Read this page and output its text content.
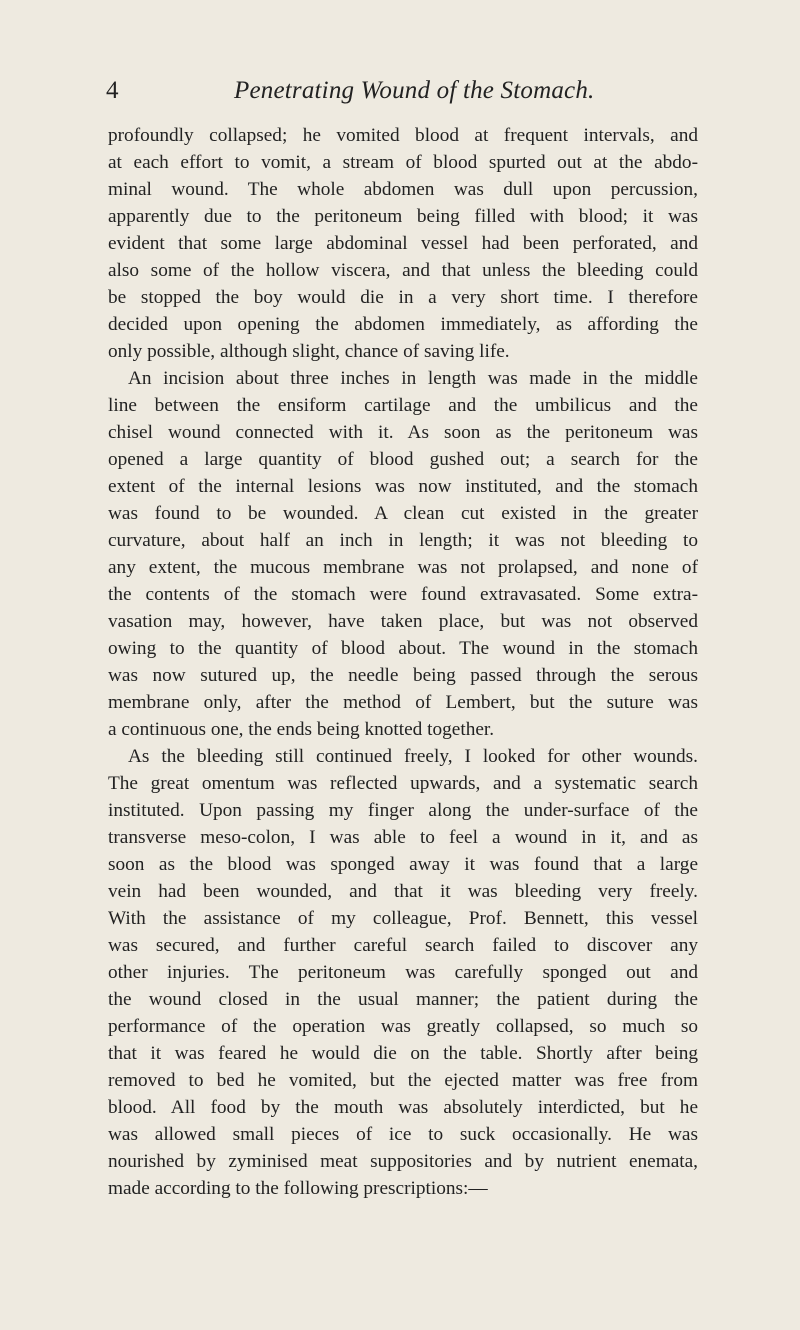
4	Penetrating Wound of the Stomach.
profoundly collapsed; he vomited blood at frequent intervals, and
at each effort to vomit, a stream of blood spurted out at the abdo-
minal wound. The whole abdomen was dull upon percussion,
apparently due to the peritoneum being filled with blood; it was
evident that some large abdominal vessel had been perforated, and
also some of the hollow viscera, and that unless the bleeding could
be stopped the boy would die in a very short time. I therefore
decided upon opening the abdomen immediately, as affording the
only possible, although slight, chance of saving life.
An incision about three inches in length was made in the middle
line between the ensiform cartilage and the umbilicus and the
chisel wound connected with it. As soon as the peritoneum was
opened a large quantity of blood gushed out; a search for the
extent of the internal lesions was now instituted, and the stomach
was found to be wounded. A clean cut existed in the greater
curvature, about half an inch in length; it was not bleeding to
any extent, the mucous membrane was not prolapsed, and none of
the contents of the stomach were found extravasated. Some extra-
vasation may, however, have taken place, but was not observed
owing to the quantity of blood about. The wound in the stomach
was now sutured up, the needle being passed through the serous
membrane only, after the method of Lembert, but the suture was
a continuous one, the ends being knotted together.
As the bleeding still continued freely, I looked for other wounds.
The great omentum was reflected upwards, and a systematic search
instituted. Upon passing my finger along the under-surface of the
transverse meso-colon, I was able to feel a wound in it, and as
soon as the blood was sponged away it was found that a large
vein had been wounded, and that it was bleeding very freely.
With the assistance of my colleague, Prof. Bennett, this vessel
was secured, and further careful search failed to discover any
other injuries. The peritoneum was carefully sponged out and
the wound closed in the usual manner; the patient during the
performance of the operation was greatly collapsed, so much so
that it was feared he would die on the table. Shortly after being
removed to bed he vomited, but the ejected matter was free from
blood. All food by the mouth was absolutely interdicted, but he
was allowed small pieces of ice to suck occasionally. He was
nourished by zyminised meat suppositories and by nutrient enemata,
made according to the following prescriptions:—
